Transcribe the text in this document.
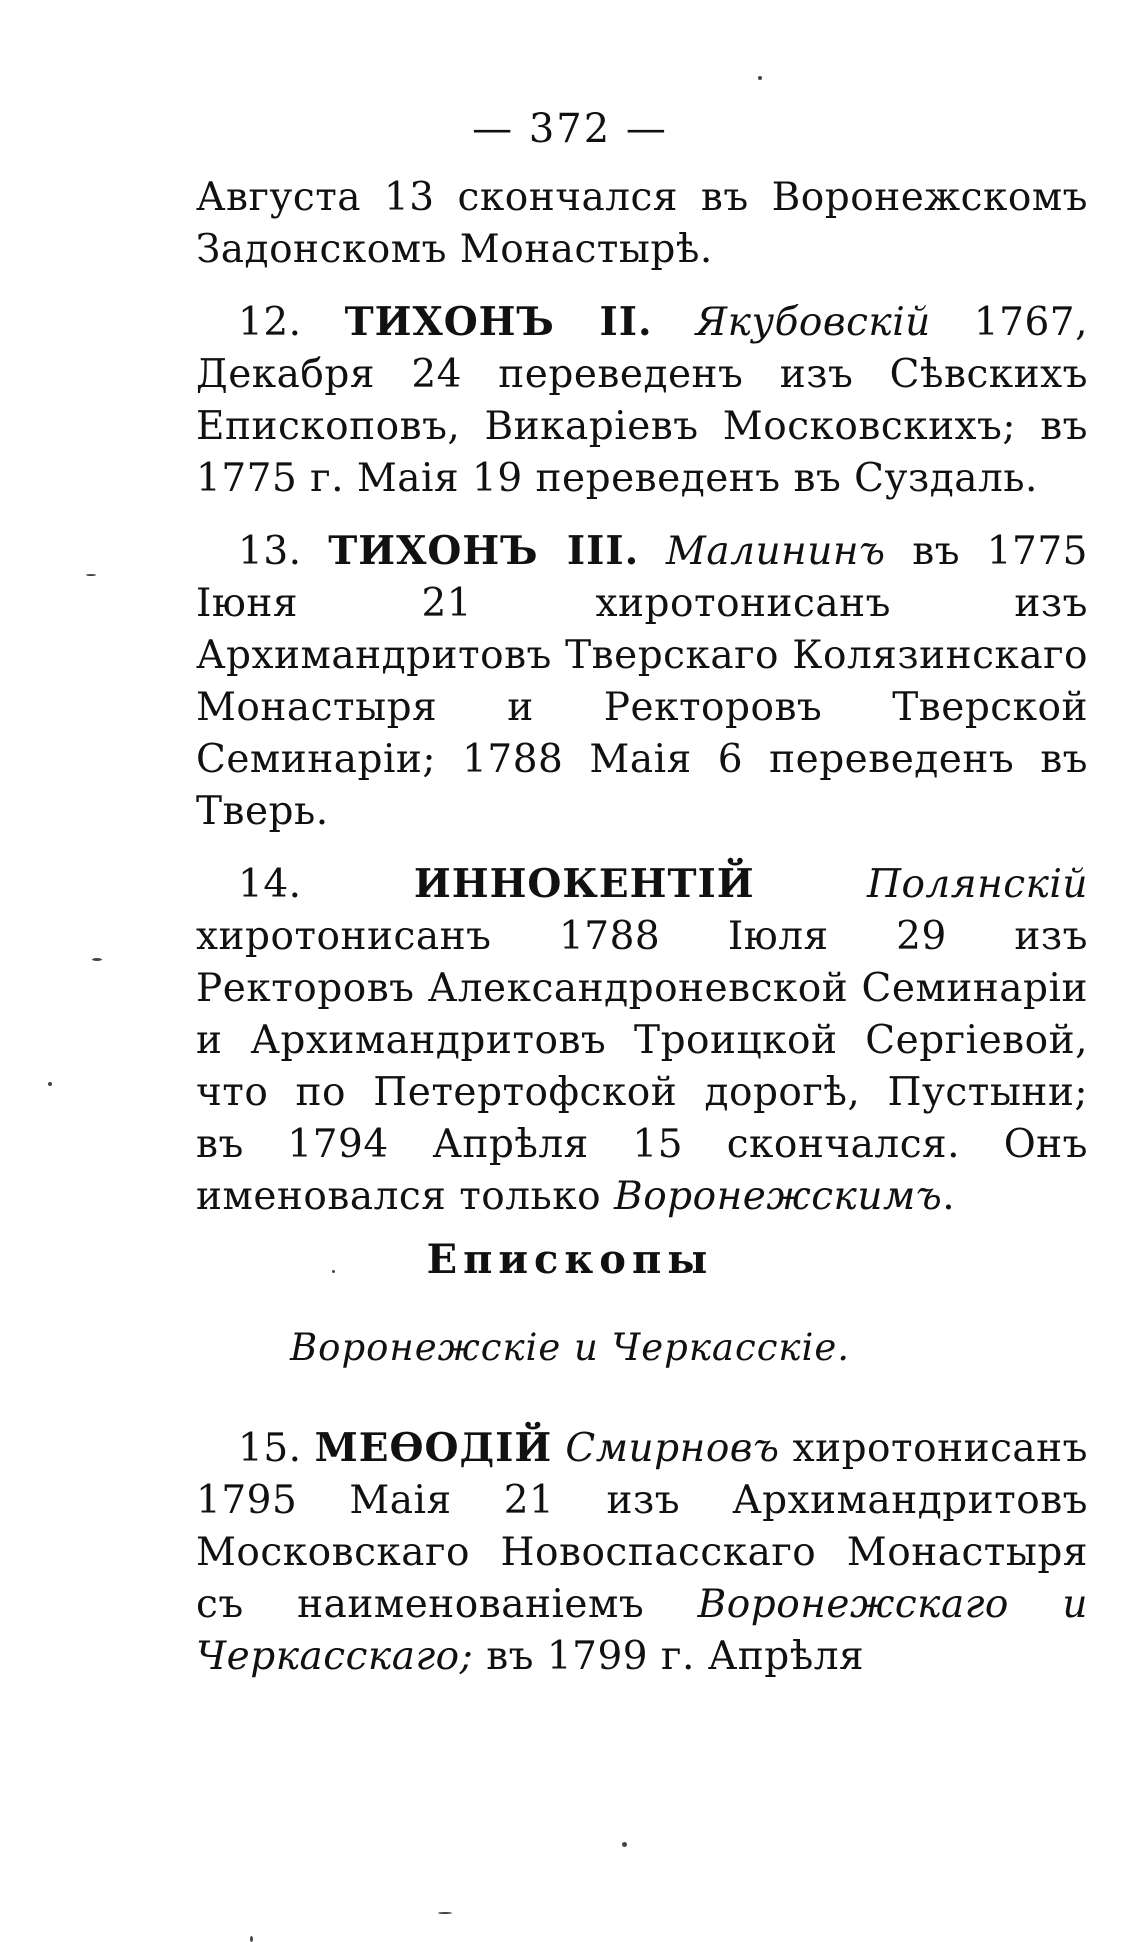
— 372 —

Августа 13 скончался въ Воронежскомъ Задонскомъ Монастырѣ.

12. ТИХОНЪ II. Якубовскій 1767, Декабря 24 переведенъ изъ Сѣвскихъ Епископовъ, Викаріевъ Московскихъ; въ 1775 г. Маія 19 переведенъ въ Суздаль.

13. ТИХОНЪ III. Малининъ въ 1775 Іюня 21 хиротонисанъ изъ Архимандритовъ Тверскаго Колязинскаго Монастыря и Ректоровъ Тверской Семинаріи; 1788 Маія 6 переведенъ въ Тверь.

14.	ИННОКЕНТІЙ	Полянскій хиротонисанъ 1788 Іюля 29 изъ Ректоровъ Александроневской Семинаріи и Архимандритовъ Троицкой Сергіевой, что по Петертофской дорогѣ, Пустыни; въ 1794 Апрѣля 15 скончался. Онъ именовался только Воронежскимъ.

Епископы
Воронежскіе и Черкасскіе.

15. МЕѲОДІЙ Смирновъ хиротонисанъ 1795 Маія 21 изъ Архимандритовъ Московскаго Новоспасскаго Монастыря съ наименованіемъ Воронежскаго и Черкасскаго; въ 1799 г. Апрѣля
